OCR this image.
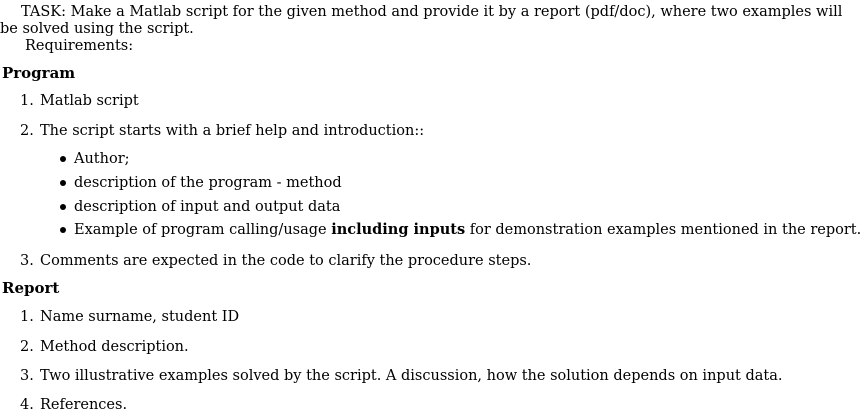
TASK: Make a Matlab script for the given method and provide it by a report (pdf/doc), where two examples will
be solved using the script.
Requirements:
Program
1. Matlab script
2. The script starts with a brief help and introduction::
Author;
description of the program - method
description of input and output data
Example of program calling/usage including inputs for demonstration examples mentioned in the report.
3. Comments are expected in the code to clarify the procedure steps.
Report
1. Name surname, student ID
2. Method description.
3. Two illustrative examples solved by the script. A discussion, how the solution depends on input data.
4. References.
